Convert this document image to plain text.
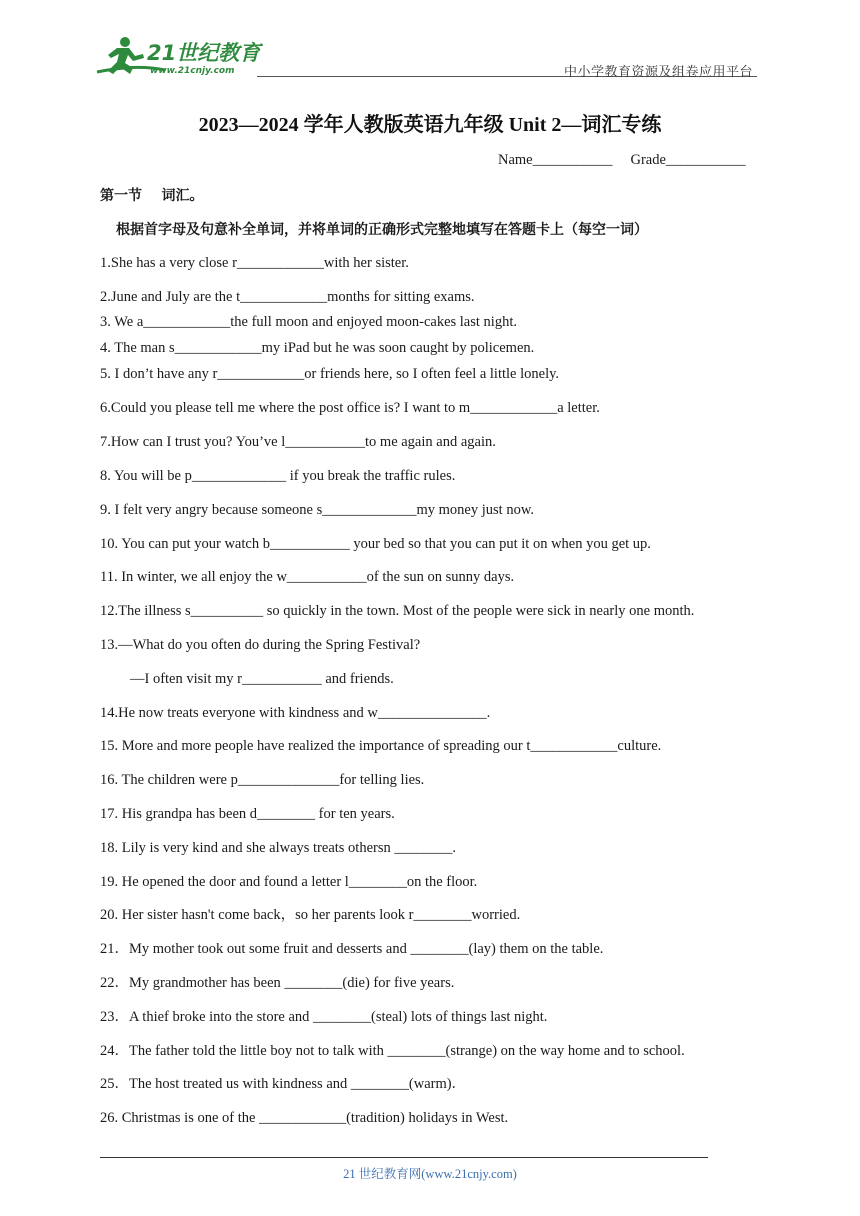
21世纪教育
www.21cnjy.com	中小学教育资源及组卷应用平台
2023—2024 学年人教版英语九年级 Unit 2—词汇专练
Name___________     Grade___________
第一节    词汇。
根据首字母及句意补全单词，并将单词的正确形式完整地填写在答题卡上（每空一词）
1.She has a very close r____________with her sister.
2.June and July are the t____________months for sitting exams.
3. We a____________the full moon and enjoyed moon-cakes last night.
4. The man s____________my iPad but he was soon caught by policemen.
5. I don’t have any r____________or friends here, so I often feel a little lonely.
6.Could you please tell me where the post office is? I want to m____________a letter.
7.How can I trust you? You’ve l___________to me again and again.
8. You will be p_____________ if you break the traffic rules.
9. I felt very angry because someone s_____________my money just now.
10. You can put your watch b___________ your bed so that you can put it on when you get up.
11. In winter, we all enjoy the w___________of the sun on sunny days.
12.The illness s__________ so quickly in the town. Most of the people were sick in nearly one month.
13.—What do you often do during the Spring Festival?
—I often visit my r___________ and friends.
14.He now treats everyone with kindness and w_______________.
15. More and more people have realized the importance of spreading our t____________culture.
16. The children were p______________for telling lies.
17. His grandpa has been d________ for ten years.
18. Lily is very kind and she always treats othersn ________.
19. He opened the door and found a letter l________on the floor.
20. Her sister hasn't come back，so her parents look r________worried.
21．My mother took out some fruit and desserts and ________(lay) them on the table.
22．My grandmother has been ________(die) for five years.
23．A thief broke into the store and ________(steal) lots of things last night.
24．The father told the little boy not to talk with ________(strange) on the way home and to school.
25．The host treated us with kindness and ________(warm)．
26. Christmas is one of the ____________(tradition) holidays in West.
21 世纪教育网(www.21cnjy.com)
